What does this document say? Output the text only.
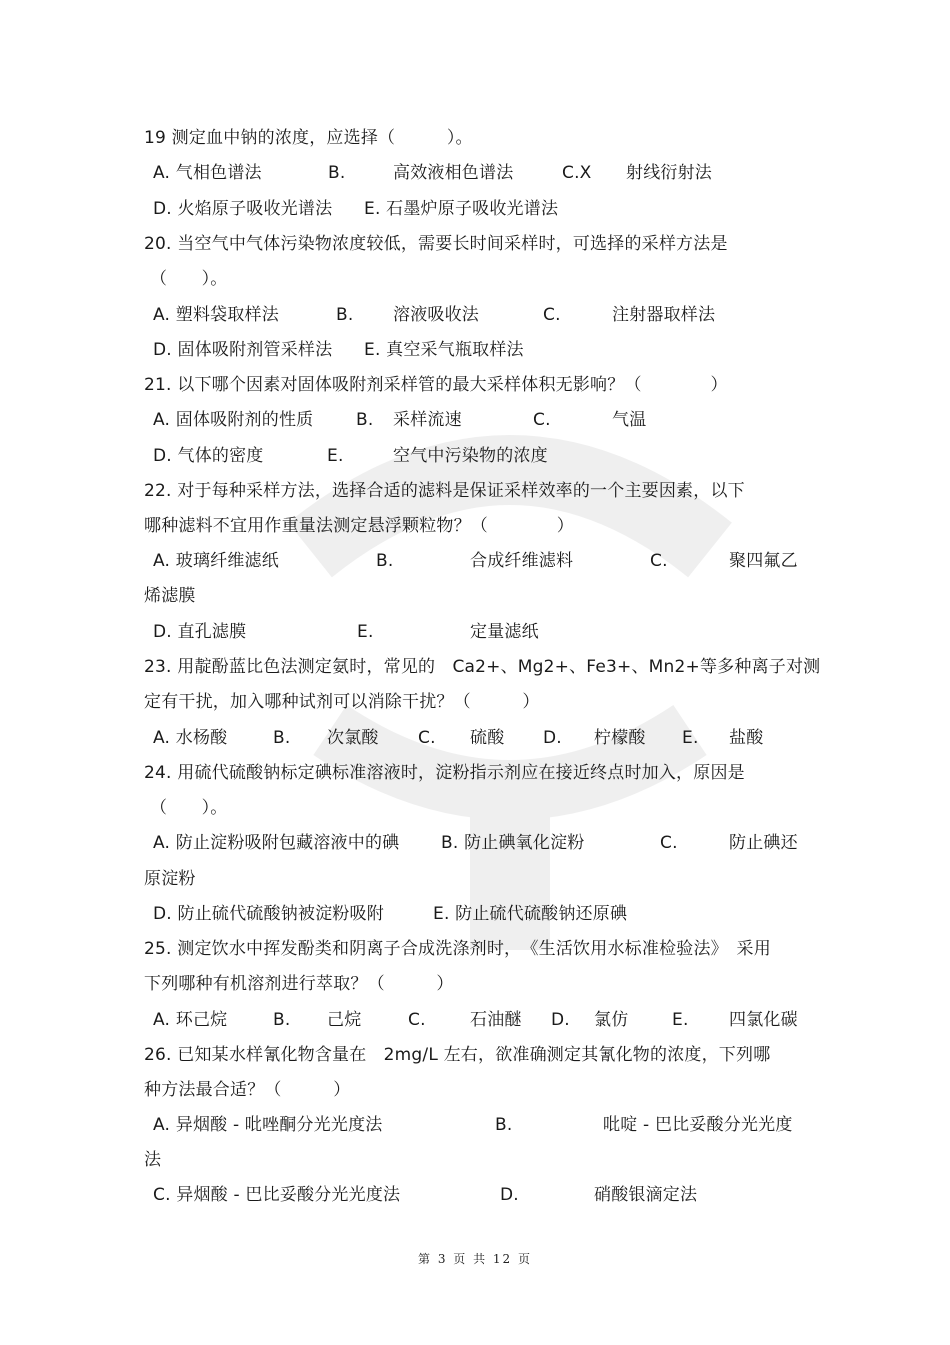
19 测定血中钠的浓度，应选择（　　　）。
A. 气相色谱法	B.	高效液相色谱法	C.X 射线衍射法
D. 火焰原子吸收光谱法 E. 石墨炉原子吸收光谱法
20. 当空气中气体污染物浓度较低，需要长时间采样时，可选择的采样方法是
（　　）。
A. 塑料袋取样法	B. 溶液吸收法	C.	注射器取样法
D. 固体吸附剂管采样法 E. 真空采气瓶取样法
21. 以下哪个因素对固体吸附剂采样管的最大采样体积无影响？（　　　　）
A. 固体吸附剂的性质	B. 采样流速	C.	气温
D. 气体的密度	E.	空气中污染物的浓度
22. 对于每种采样方法，选择合适的滤料是保证采样效率的一个主要因素，以下
哪种滤料不宜用作重量法测定悬浮颗粒物？（　　　　）
A. 玻璃纤维滤纸	B.	合成纤维滤料	C.	聚四氟乙
烯滤膜
D. 直孔滤膜	E.	定量滤纸
23. 用靛酚蓝比色法测定氨时，常见的　Ca2+、Mg2+、Fe3+、Mn2+等多种离子对测
定有干扰，加入哪种试剂可以消除干扰？（　　　）
A. 水杨酸	B. 次氯酸 C. 硫酸 D. 柠檬酸 E. 盐酸
24. 用硫代硫酸钠标定碘标准溶液时，淀粉指示剂应在接近终点时加入，原因是
（　　）。
A. 防止淀粉吸附包藏溶液中的碘 B. 防止碘氧化淀粉	C.	防止碘还
原淀粉
D. 防止硫代硫酸钠被淀粉吸附	E. 防止硫代硫酸钠还原碘
25. 测定饮水中挥发酚类和阴离子合成洗涤剂时，　《生活饮用水标准检验法》　采用
下列哪种有机溶剂进行萃取？（　　　）
A. 环己烷	B. 己烷	C.	石油醚 D. 氯仿	E. 四氯化碳
26. 已知某水样氰化物含量在　2mg/L 左右，欲准确测定其氰化物的浓度，下列哪
种方法最合适？（　　　）
A. 异烟酸 - 吡唑酮分光光度法	B.	吡啶 - 巴比妥酸分光光度
法
C. 异烟酸 - 巴比妥酸分光光度法	D.	硝酸银滴定法
第 3 页 共 12 页
